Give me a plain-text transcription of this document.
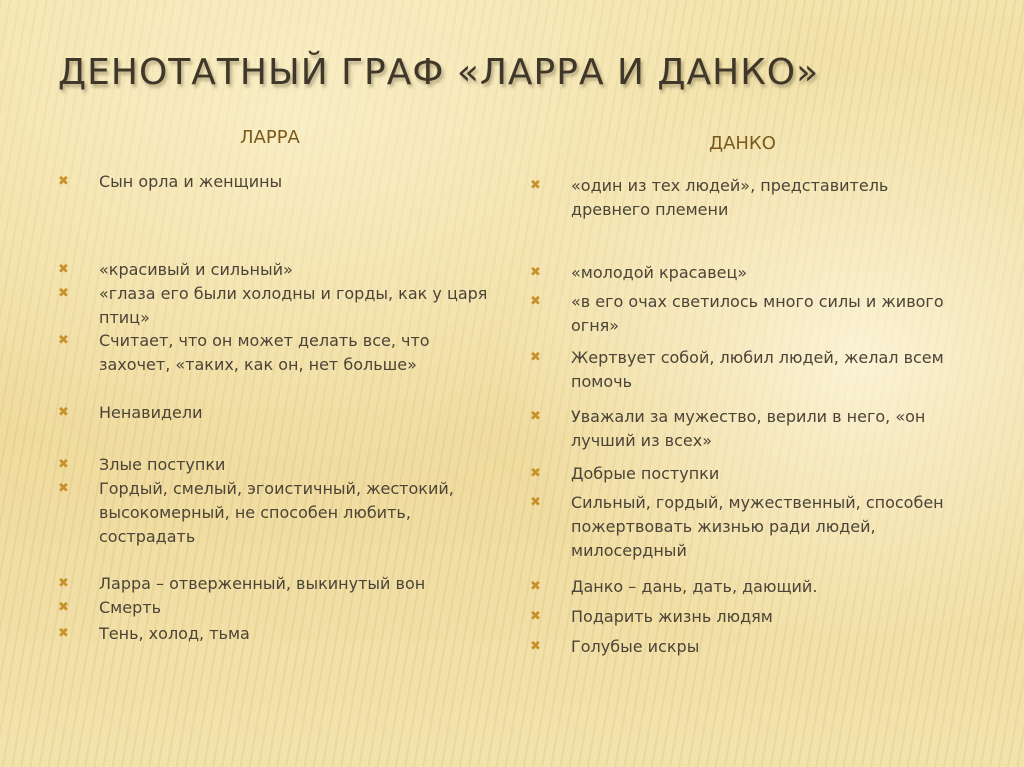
ДЕНОТАТНЫЙ ГРАФ «ЛАРРА И ДАНКО»
ЛАРРА	ДАНКО
✖	Сын орла и женщины
✖	«красивый и сильный»
✖	«глаза его были холодны и горды, как у царя птиц»
✖	Считает, что он может делать все, что захочет, «таких, как он, нет больше»
✖	Ненавидели
✖	Злые поступки
✖	Гордый, смелый, эгоистичный, жестокий, высокомерный, не способен любить, сострадать
✖	Ларра – отверженный, выкинутый вон
✖	Смерть
✖	Тень, холод, тьма
✖	«один из тех людей», представитель древнего племени
✖	«молодой красавец»
✖	«в его очах светилось много силы и живого огня»
✖	Жертвует собой, любил людей, желал всем помочь
✖	Уважали за мужество, верили в него, «он лучший из всех»
✖	Добрые поступки
✖	Сильный, гордый, мужественный, способен пожертвовать жизнью ради людей, милосердный
✖	Данко – дань, дать, дающий.
✖	Подарить жизнь людям
✖	Голубые искры
